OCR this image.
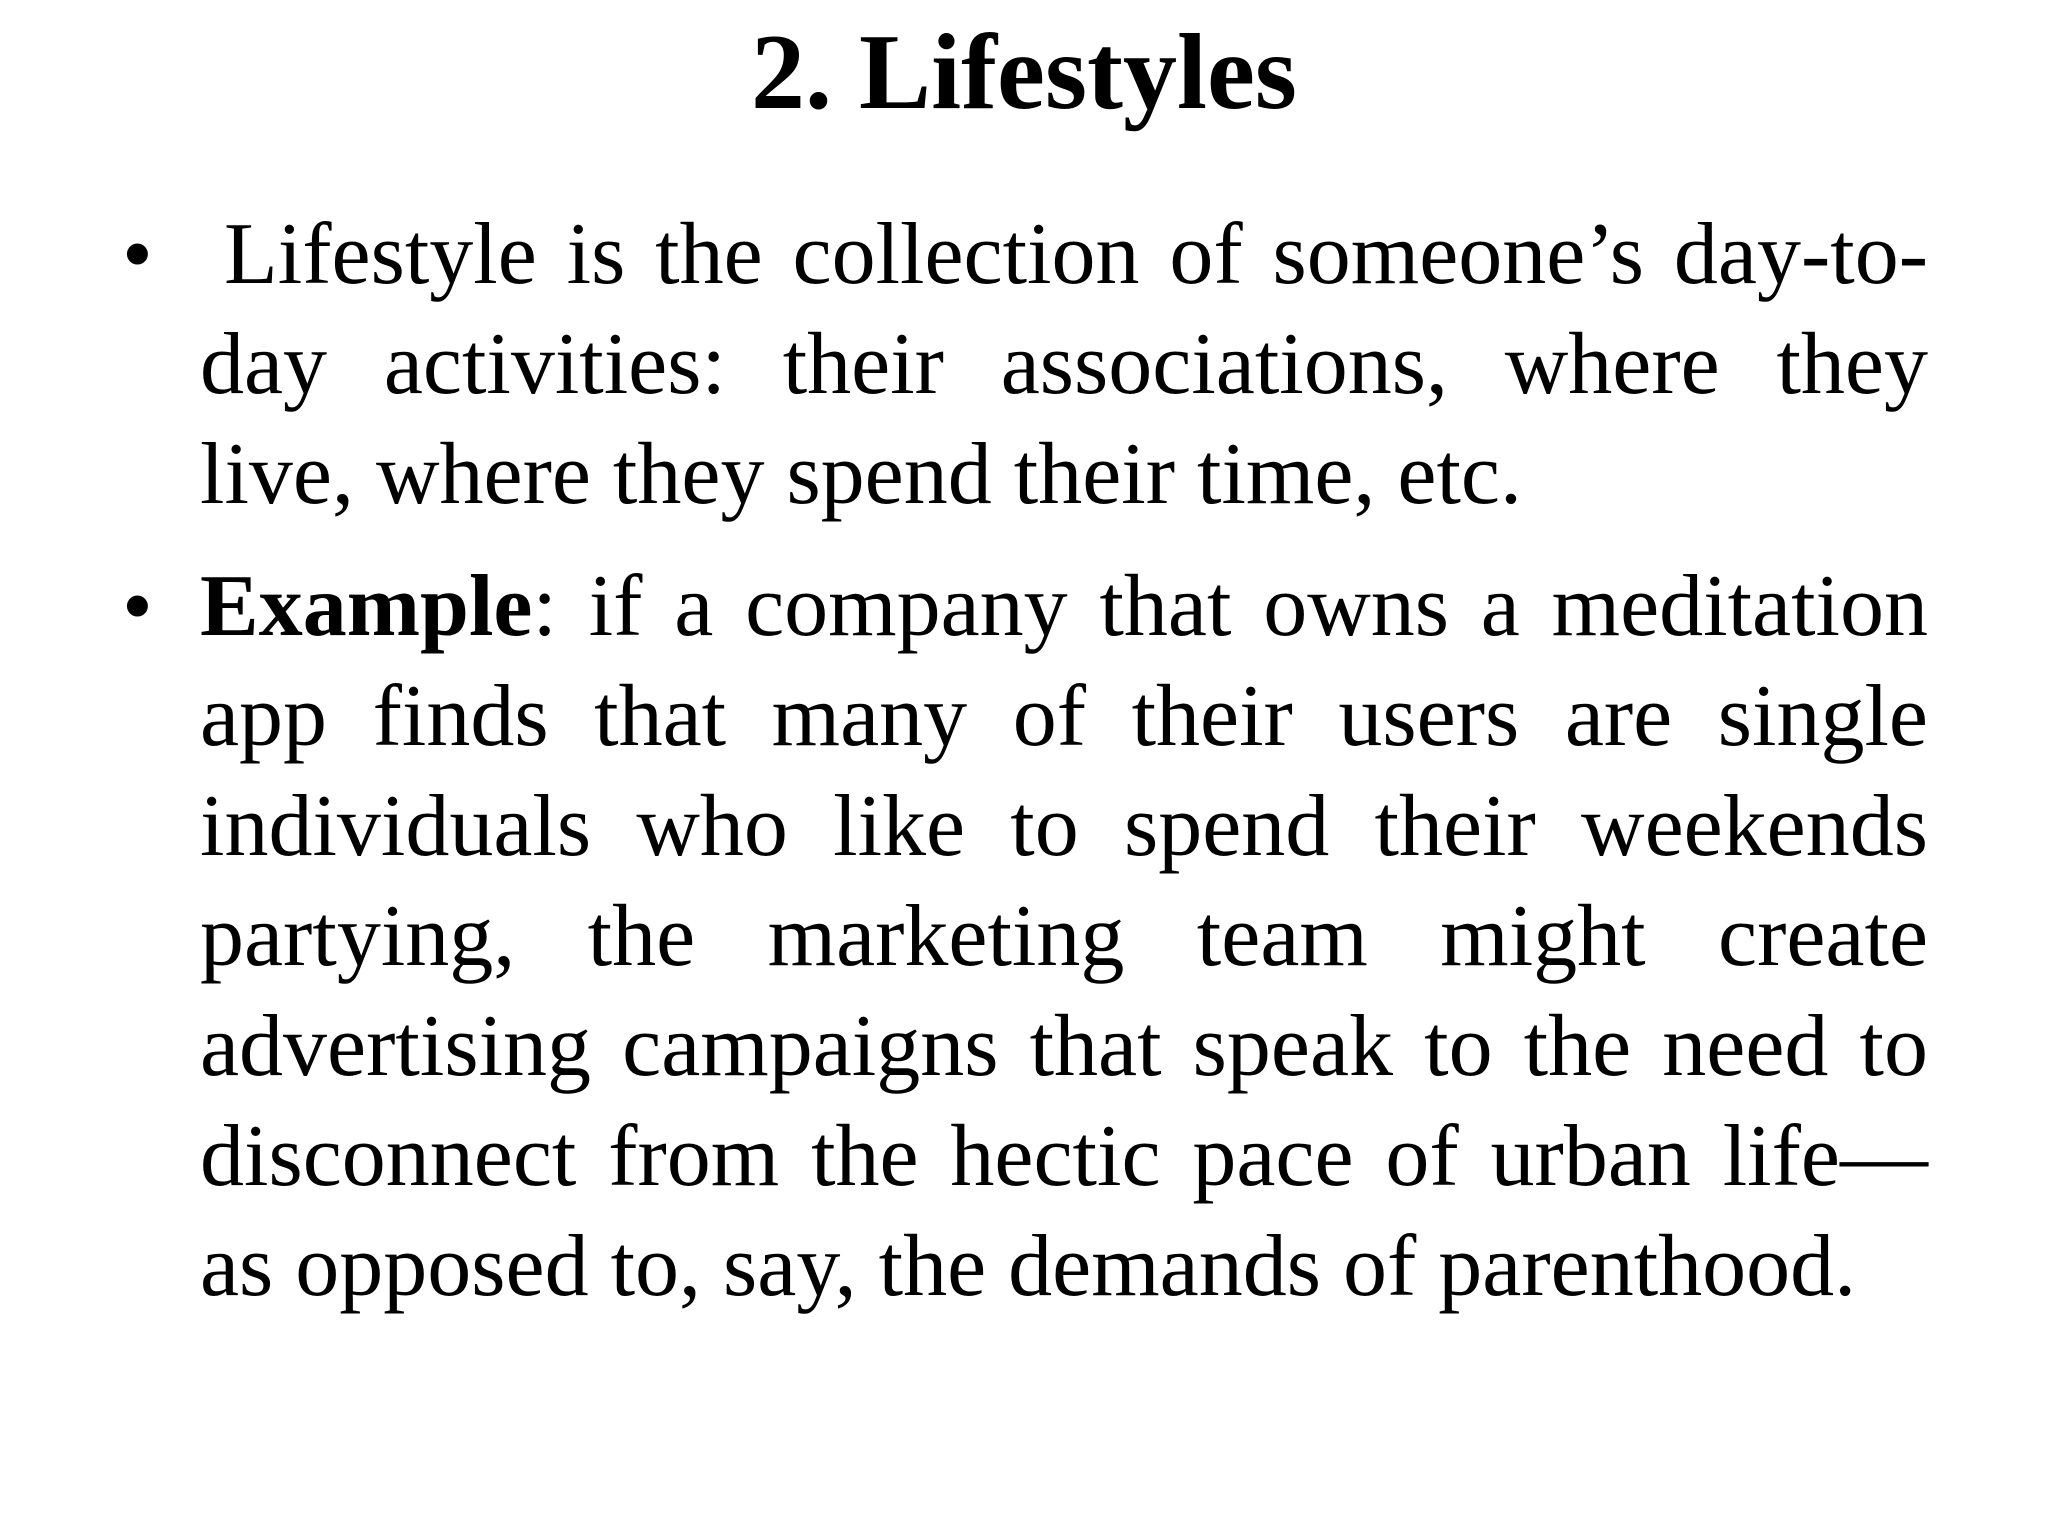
2. Lifestyles
• Lifestyle is the collection of someone’s day-to-day activities: their associations, where they live, where they spend their time, etc.
• Example: if a company that owns a meditation app finds that many of their users are single individuals who like to spend their weekends partying, the marketing team might create advertising campaigns that speak to the need to disconnect from the hectic pace of urban life—as opposed to, say, the demands of parenthood.
